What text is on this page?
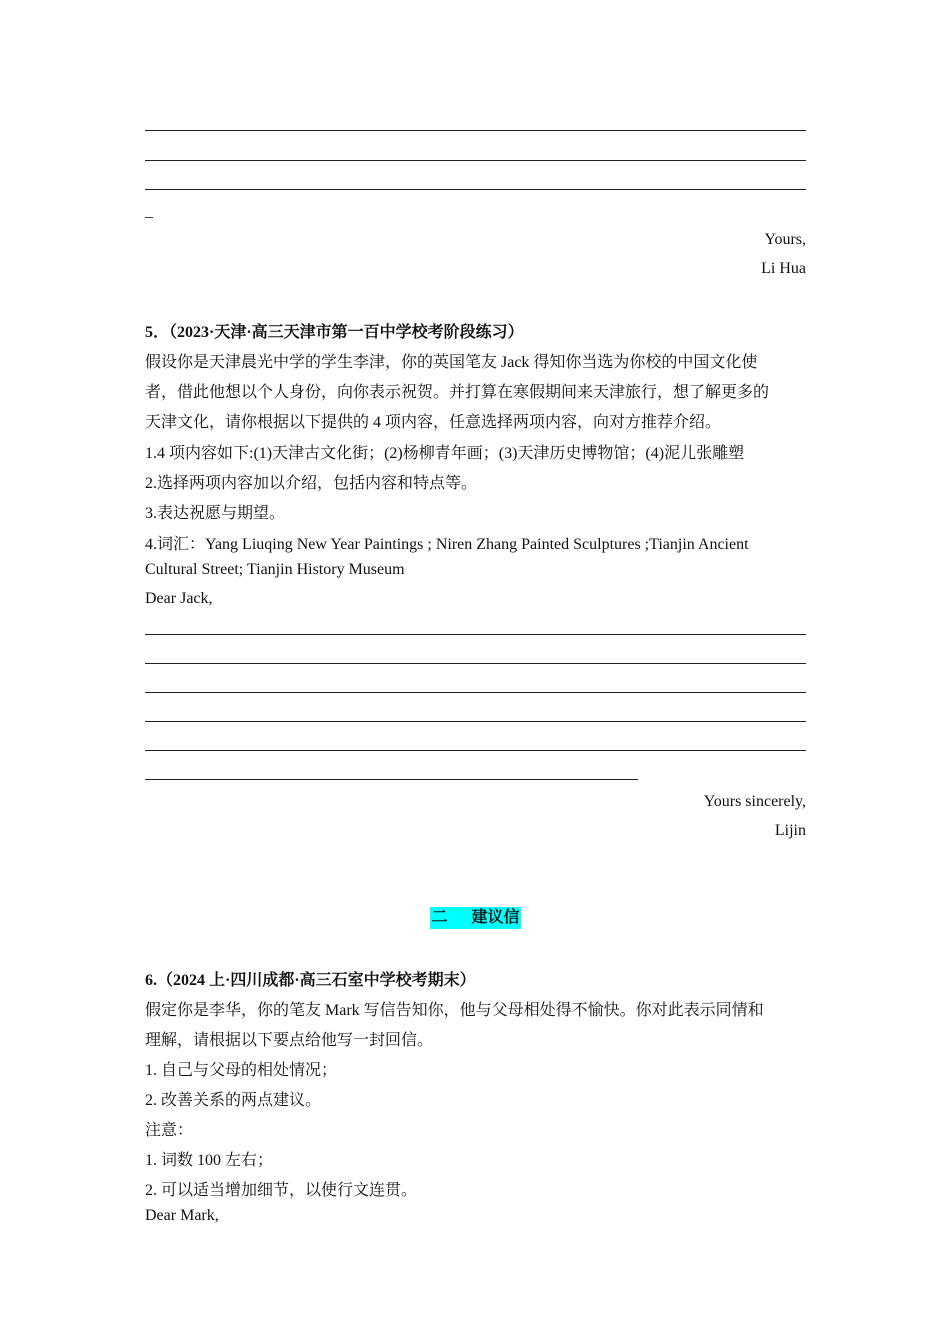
_
Yours,
Li Hua
5．（2023·天津·高三天津市第一百中学校考阶段练习）
假设你是天津晨光中学的学生李津，你的英国笔友 Jack 得知你当选为你校的中国文化使
者，借此他想以个人身份，向你表示祝贺。并打算在寒假期间来天津旅行，想了解更多的
天津文化，请你根据以下提供的 4 项内容，任意选择两项内容，向对方推荐介绍。
1.4 项内容如下:(1)天津古文化街；(2)杨柳青年画；(3)天津历史博物馆；(4)泥儿张雕塑
2.选择两项内容加以介绍，包括内容和特点等。
3.表达祝愿与期望。
4.词汇：Yang Liuqing New Year Paintings ; Niren Zhang Painted Sculptures ;Tianjin Ancient
Cultural Street; Tianjin History Museum
Dear Jack,
Yours sincerely,
Lijin
二 建议信
6.（2024 上·四川成都·高三石室中学校考期末）
假定你是李华，你的笔友 Mark 写信告知你，他与父母相处得不愉快。你对此表示同情和
理解，请根据以下要点给他写一封回信。
1. 自己与父母的相处情况；
2. 改善关系的两点建议。
注意：
1. 词数 100 左右；
2. 可以适当增加细节，以使行文连贯。
Dear Mark,
